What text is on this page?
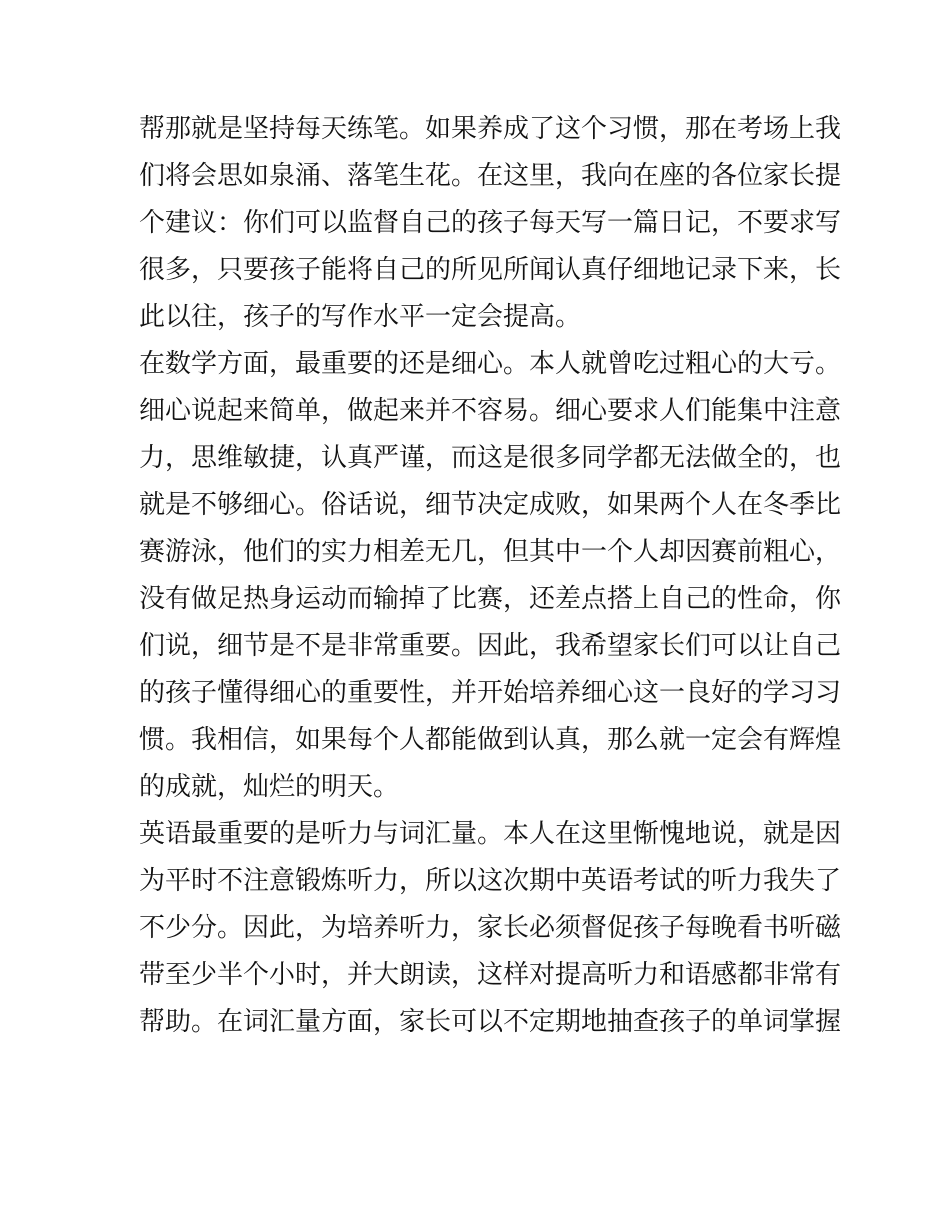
帮那就是坚持每天练笔。如果养成了这个习惯，那在考场上我
们将会思如泉涌、落笔生花。在这里，我向在座的各位家长提
个建议：你们可以监督自己的孩子每天写一篇日记，不要求写
很多，只要孩子能将自己的所见所闻认真仔细地记录下来，长
此以往，孩子的写作水平一定会提高。
在数学方面，最重要的还是细心。本人就曾吃过粗心的大亏。
细心说起来简单，做起来并不容易。细心要求人们能集中注意
力，思维敏捷，认真严谨，而这是很多同学都无法做全的，也
就是不够细心。俗话说，细节决定成败，如果两个人在冬季比
赛游泳，他们的实力相差无几，但其中一个人却因赛前粗心，
没有做足热身运动而输掉了比赛，还差点搭上自己的性命，你
们说，细节是不是非常重要。因此，我希望家长们可以让自己
的孩子懂得细心的重要性，并开始培养细心这一良好的学习习
惯。我相信，如果每个人都能做到认真，那么就一定会有辉煌
的成就，灿烂的明天。
英语最重要的是听力与词汇量。本人在这里惭愧地说，就是因
为平时不注意锻炼听力，所以这次期中英语考试的听力我失了
不少分。因此，为培养听力，家长必须督促孩子每晚看书听磁
带至少半个小时，并大朗读，这样对提高听力和语感都非常有
帮助。在词汇量方面，家长可以不定期地抽查孩子的单词掌握
